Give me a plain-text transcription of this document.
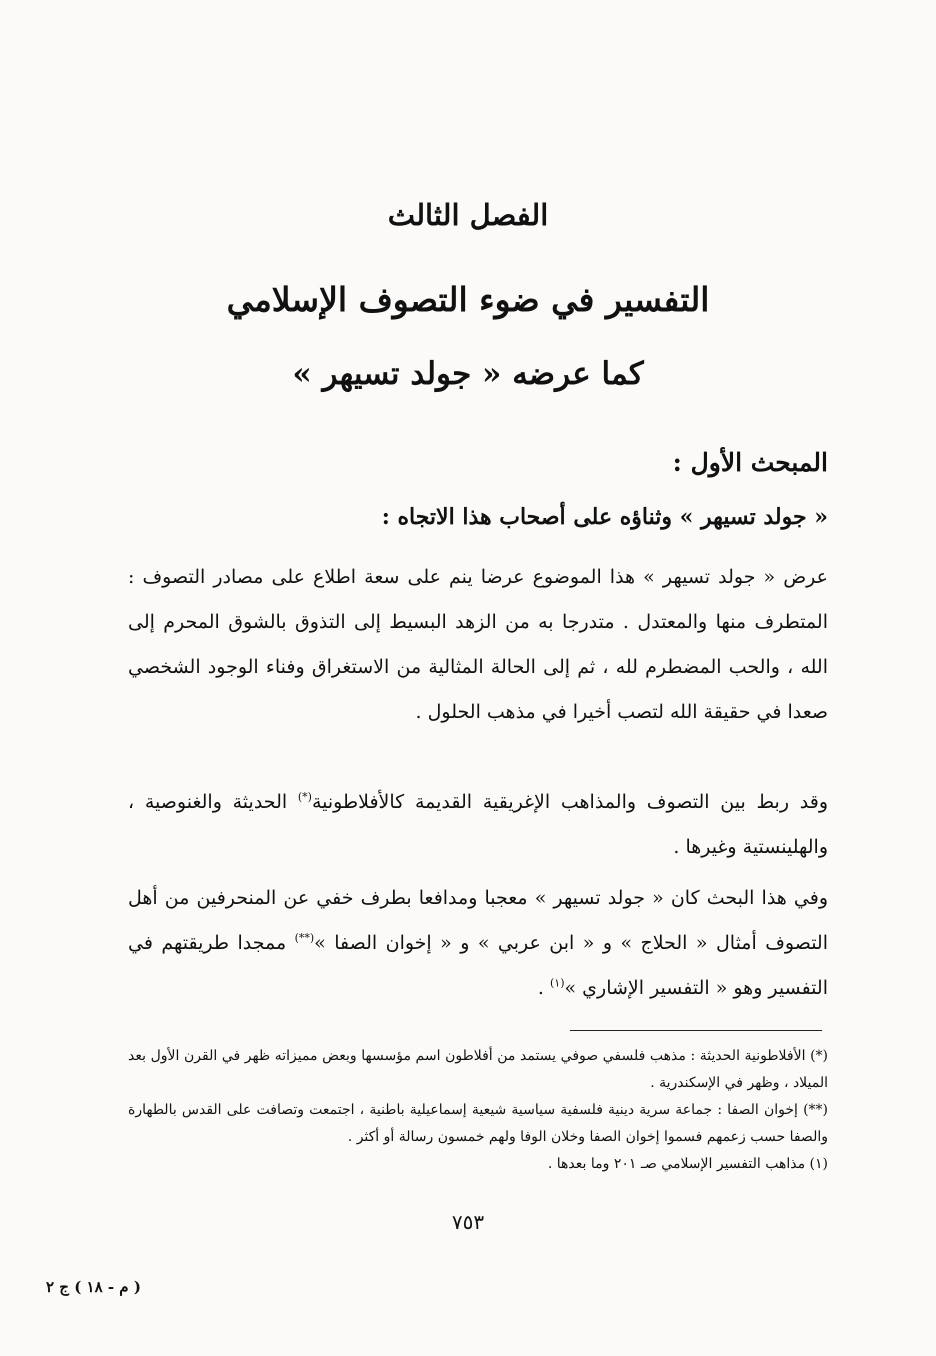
الفصل الثالث
التفسير في ضوء التصوف الإسلامي
كما عرضه « جولد تسيهر »

المبحث الأول :

« جولد تسيهر » وثناؤه على أصحاب هذا الاتجاه :

عرض « جولد تسيهر » هذا الموضوع عرضا ينم على سعة اطلاع على مصادر التصوف : المتطرف منها والمعتدل . متدرجا به من الزهد البسيط إلى التذوق بالشوق المحرم إلى الله ، والحب المضطرم لله ، ثم إلى الحالة المثالية من الاستغراق وفناء الوجود الشخصي صعدا في حقيقة الله لتصب أخيرا في مذهب الحلول .

وقد ربط بين التصوف والمذاهب الإغريقية القديمة كالأفلاطونية(*) الحديثة والغنوصية ، والهلينستية وغيرها .

وفي هذا البحث كان « جولد تسيهر » معجبا ومدافعا بطرف خفي عن المنحرفين من أهل التصوف أمثال « الحلاج » و « ابن عربي » و « إخوان الصفا »(**) ممجدا طريقتهم في التفسير وهو « التفسير الإشاري »$^{(١)}$ .

(*) الأفلاطونية الحديثة : مذهب فلسفي صوفي يستمد من أفلاطون اسم مؤسسها وبعض مميزاته ظهر في القرن الأول بعد الميلاد ، وظهر في الإسكندرية .

(**) إخوان الصفا : جماعة سرية دينية فلسفية سياسية شيعية إسماعيلية باطنية ، اجتمعت وتصافت على القدس بالطهارة والصفا حسب زعمهم فسموا إخوان الصفا وخلان الوفا ولهم خمسون رسالة أو أكثر .

(١) مذاهب التفسير الإسلامي صـ ٢٠١ وما بعدها .

٧٥٣

( م - ١٨ ) ج ٢
